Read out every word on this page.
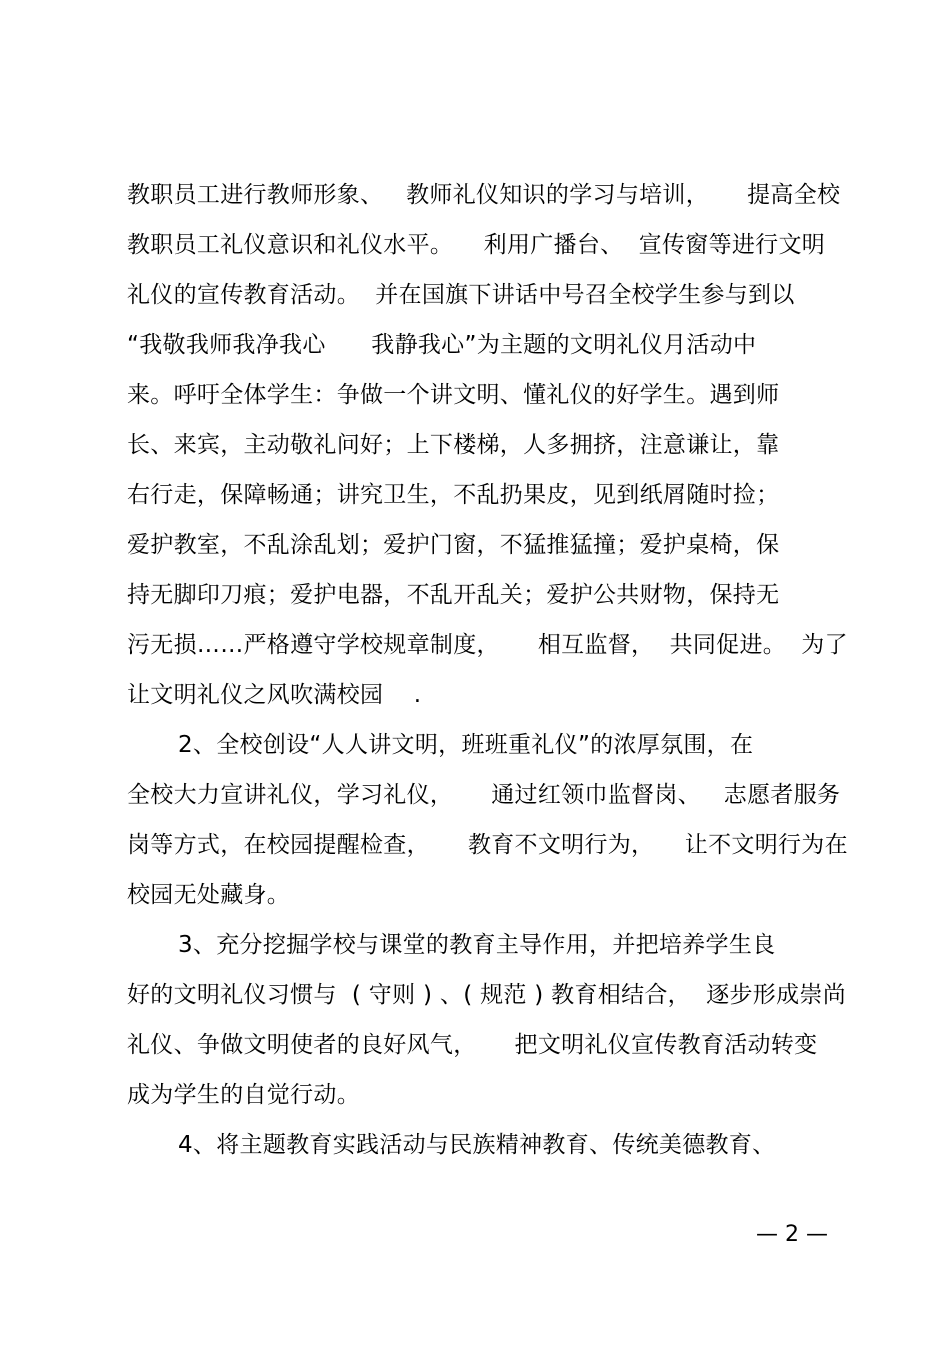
教职员工进行教师形象、   教师礼仪知识的学习与培训，     提高全校
教职员工礼仪意识和礼仪水平。    利用广播台、  宣传窗等进行文明
礼仪的宣传教育活动。  并在国旗下讲话中号召全校学生参与到以
“我敬我师我净我心      我静我心”为主题的文明礼仪月活动中
来。呼吁全体学生：争做一个讲文明、懂礼仪的好学生。遇到师
长、来宾，主动敬礼问好；上下楼梯，人多拥挤，注意谦让，靠
右行走，保障畅通；讲究卫生，不乱扔果皮，见到纸屑随时捡；
爱护教室，不乱涂乱划；爱护门窗，不猛推猛撞；爱护桌椅，保
持无脚印刀痕；爱护电器，不乱开乱关；爱护公共财物，保持无
污无损……严格遵守学校规章制度，     相互监督，  共同促进。  为了
让文明礼仪之风吹满校园    .
2、全校创设“人人讲文明，班班重礼仪”的浓厚氛围，在
全校大力宣讲礼仪，学习礼仪，     通过红领巾监督岗、   志愿者服务
岗等方式，在校园提醒检查，     教育不文明行为，    让不文明行为在
校园无处藏身。
3、充分挖掘学校与课堂的教育主导作用，并把培养学生良
好的文明礼仪习惯与  ( 守则 ) 、( 规范 ) 教育相结合，  逐步形成崇尚
礼仪、争做文明使者的良好风气，     把文明礼仪宣传教育活动转变
成为学生的自觉行动。
4、将主题教育实践活动与民族精神教育、传统美德教育、
— 2 —
